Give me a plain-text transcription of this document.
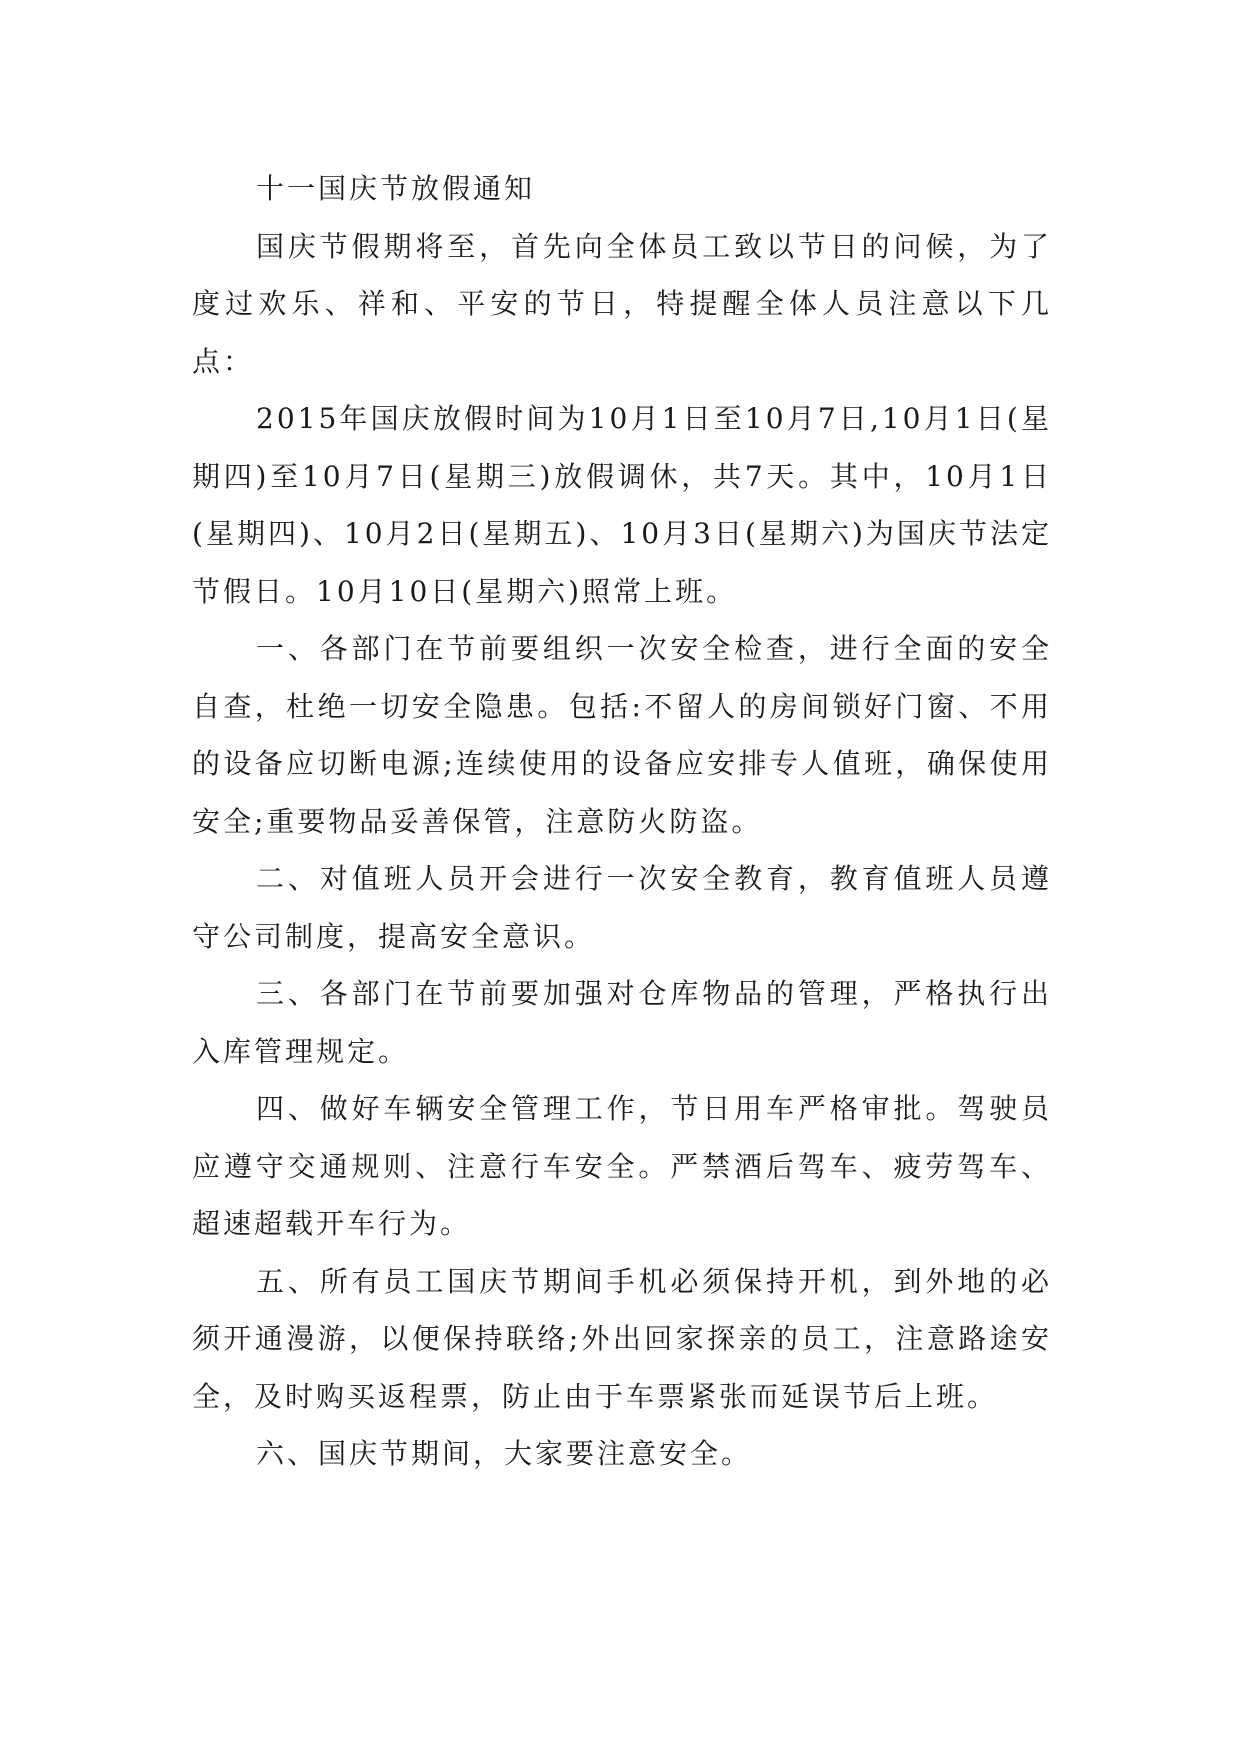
十一国庆节放假通知

国庆节假期将至，首先向全体员工致以节日的问候，为了度过欢乐、祥和、平安的节日，特提醒全体人员注意以下几点：

2015年国庆放假时间为10月1日至10月7日,10月1日(星期四)至10月7日(星期三)放假调休，共7天。其中，10月1日(星期四)、10月2日(星期五)、10月3日(星期六)为国庆节法定节假日。10月10日(星期六)照常上班。

一、各部门在节前要组织一次安全检查，进行全面的安全自查，杜绝一切安全隐患。包括:不留人的房间锁好门窗、不用的设备应切断电源;连续使用的设备应安排专人值班，确保使用安全;重要物品妥善保管，注意防火防盗。

二、对值班人员开会进行一次安全教育，教育值班人员遵守公司制度，提高安全意识。

三、各部门在节前要加强对仓库物品的管理，严格执行出入库管理规定。

四、做好车辆安全管理工作，节日用车严格审批。驾驶员应遵守交通规则、注意行车安全。严禁酒后驾车、疲劳驾车、超速超载开车行为。

五、所有员工国庆节期间手机必须保持开机，到外地的必须开通漫游，以便保持联络;外出回家探亲的员工，注意路途安全，及时购买返程票，防止由于车票紧张而延误节后上班。

六、国庆节期间，大家要注意安全。
